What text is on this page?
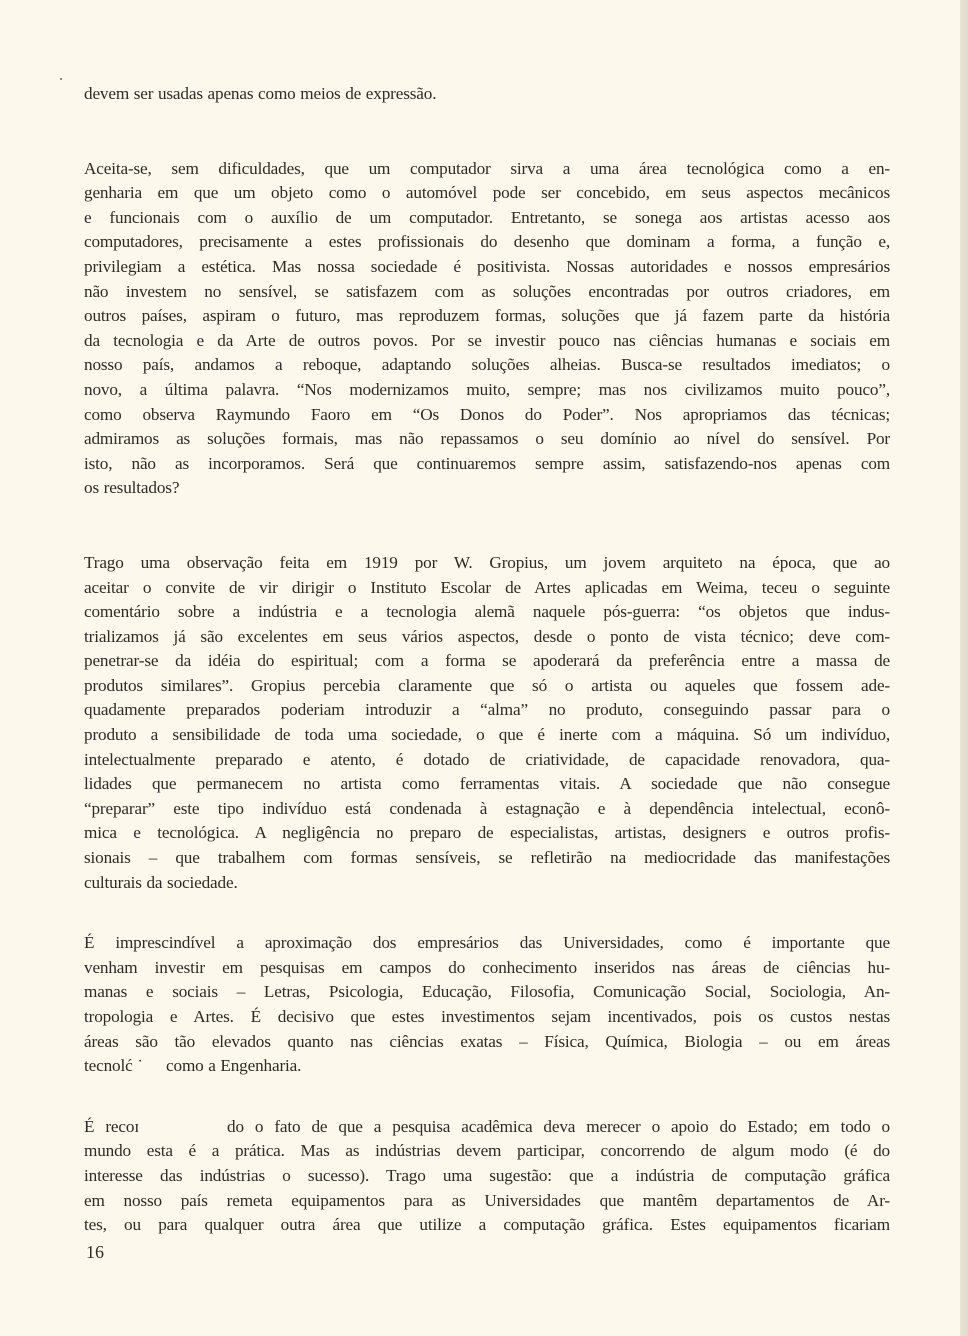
devem ser usadas apenas como meios de expressão.
Aceita-se, sem dificuldades, que um computador sirva a uma área tecnológica como a en-
genharia em que um objeto como o automóvel pode ser concebido, em seus aspectos mecânicos
e funcionais com o auxílio de um computador. Entretanto, se sonega aos artistas acesso aos
computadores, precisamente a estes profissionais do desenho que dominam a forma, a função e,
privilegiam a estética. Mas nossa sociedade é positivista. Nossas autoridades e nossos empresários
não investem no sensível, se satisfazem com as soluções encontradas por outros criadores, em
outros países, aspiram o futuro, mas reproduzem formas, soluções que já fazem parte da história
da tecnologia e da Arte de outros povos. Por se investir pouco nas ciências humanas e sociais em
nosso país, andamos a reboque, adaptando soluções alheias. Busca-se resultados imediatos; o
novo, a última palavra. “Nos modernizamos muito, sempre; mas nos civilizamos muito pouco”,
como observa Raymundo Faoro em “Os Donos do Poder”. Nos apropriamos das técnicas;
admiramos as soluções formais, mas não repassamos o seu domínio ao nível do sensível. Por
isto, não as incorporamos. Será que continuaremos sempre assim, satisfazendo-nos apenas com
os resultados?
Trago uma observação feita em 1919 por W. Gropius, um jovem arquiteto na época, que ao
aceitar o convite de vir dirigir o Instituto Escolar de Artes aplicadas em Weima, teceu o seguinte
comentário sobre a indústria e a tecnologia alemã naquele pós-guerra: “os objetos que indus-
trializamos já são excelentes em seus vários aspectos, desde o ponto de vista técnico; deve com-
penetrar-se da idéia do espiritual; com a forma se apoderará da preferência entre a massa de
produtos similares”. Gropius percebia claramente que só o artista ou aqueles que fossem ade-
quadamente preparados poderiam introduzir a “alma” no produto, conseguindo passar para o
produto a sensibilidade de toda uma sociedade, o que é inerte com a máquina. Só um indivíduo,
intelectualmente preparado e atento, é dotado de criatividade, de capacidade renovadora, qua-
lidades que permanecem no artista como ferramentas vitais. A sociedade que não consegue
“preparar” este tipo indivíduo está condenada à estagnação e à dependência intelectual, econô-
mica e tecnológica. A negligência no preparo de especialistas, artistas, designers e outros profis-
sionais – que trabalhem com formas sensíveis, se refletirão na mediocridade das manifestações
culturais da sociedade.
É imprescindível a aproximação dos empresários das Universidades, como é importante que
venham investir em pesquisas em campos do conhecimento inseridos nas áreas de ciências hu-
manas e sociais – Letras, Psicologia, Educação, Filosofia, Comunicação Social, Sociologia, An-
tropologia e Artes. É decisivo que estes investimentos sejam incentivados, pois os custos nestas
áreas são tão elevados quanto nas ciências exatas – Física, Química, Biologia – ou em áreas
tecnolć ˙     como a Engenharia.
É recoɪ        do o fato de que a pesquisa acadêmica deva merecer o apoio do Estado; em todo o
mundo esta é a prática. Mas as indústrias devem participar, concorrendo de algum modo (é do
interesse das indústrias o sucesso). Trago uma sugestão: que a indústria de computação gráfica
em nosso país remeta equipamentos para as Universidades que mantêm departamentos de Ar-
tes, ou para qualquer outra área que utilize a computação gráfica. Estes equipamentos ficariam
16
